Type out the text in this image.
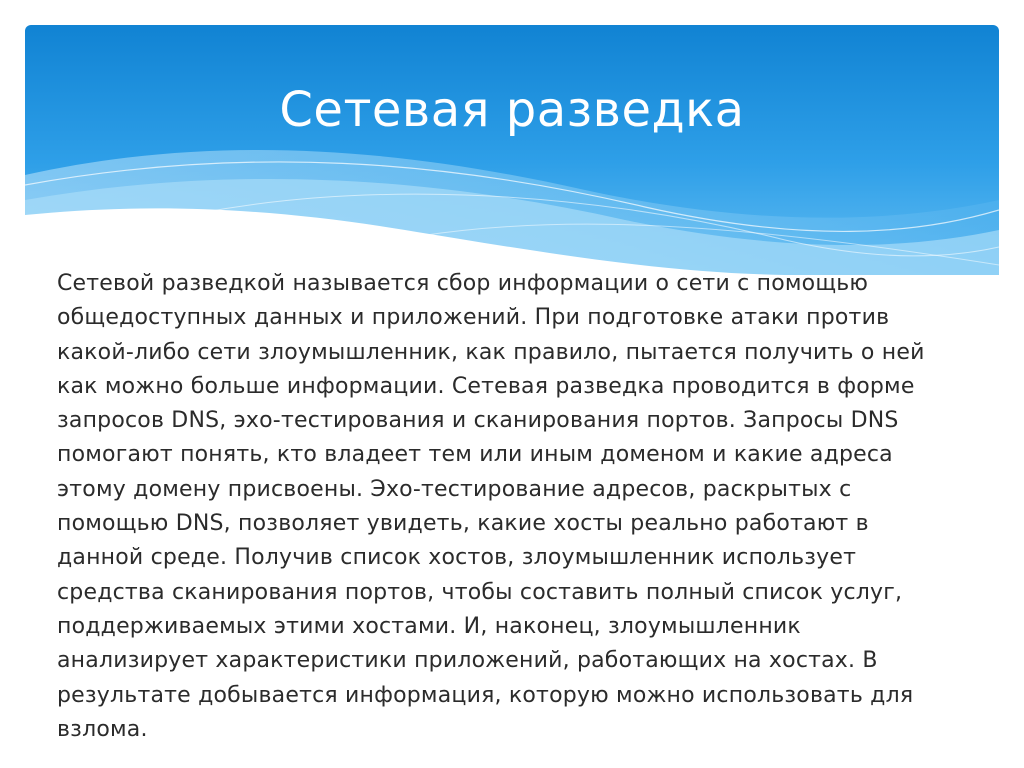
Сетевая разведка

Сетевой разведкой называется сбор информации о сети с помощью
общедоступных данных и приложений. При подготовке атаки против
какой-либо сети злоумышленник, как правило, пытается получить о ней
как можно больше информации. Сетевая разведка проводится в форме
запросов DNS, эхо-тестирования и сканирования портов. Запросы DNS
помогают понять, кто владеет тем или иным доменом и какие адреса
этому домену присвоены. Эхо-тестирование адресов, раскрытых с
помощью DNS, позволяет увидеть, какие хосты реально работают в
данной среде. Получив список хостов, злоумышленник использует
средства сканирования портов, чтобы составить полный список услуг,
поддерживаемых этими хостами. И, наконец, злоумышленник
анализирует характеристики приложений, работающих на хостах. В
результате добывается информация, которую можно использовать для
взлома.
